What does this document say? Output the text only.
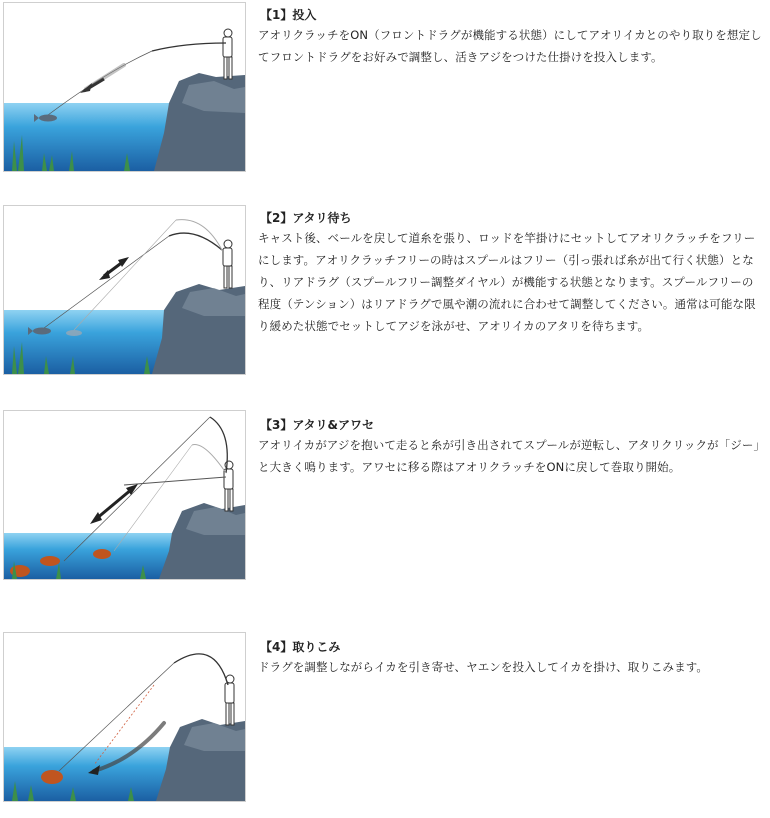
【1】投入
アオリクラッチをON（フロントドラグが機能する状態）にしてアオリイカとのやり取りを想定してフロントドラグをお好みで調整し、活きアジをつけた仕掛けを投入します。
【2】アタリ待ち
キャスト後、ベールを戻して道糸を張り、ロッドを竿掛けにセットしてアオリクラッチをフリーにします。アオリクラッチフリーの時はスプールはフリー（引っ張れば糸が出て行く状態）となり、リアドラグ（スプールフリー調整ダイヤル）が機能する状態となります。スプールフリーの程度（テンション）はリアドラグで風や潮の流れに合わせて調整してください。通常は可能な限り緩めた状態でセットしてアジを泳がせ、アオリイカのアタリを待ちます。
【3】アタリ&アワセ
アオリイカがアジを抱いて走ると糸が引き出されてスプールが逆転し、アタリクリックが「ジー」と大きく鳴ります。アワセに移る際はアオリクラッチをONに戻して巻取り開始。
【4】取りこみ
ドラグを調整しながらイカを引き寄せ、ヤエンを投入してイカを掛け、取りこみます。
